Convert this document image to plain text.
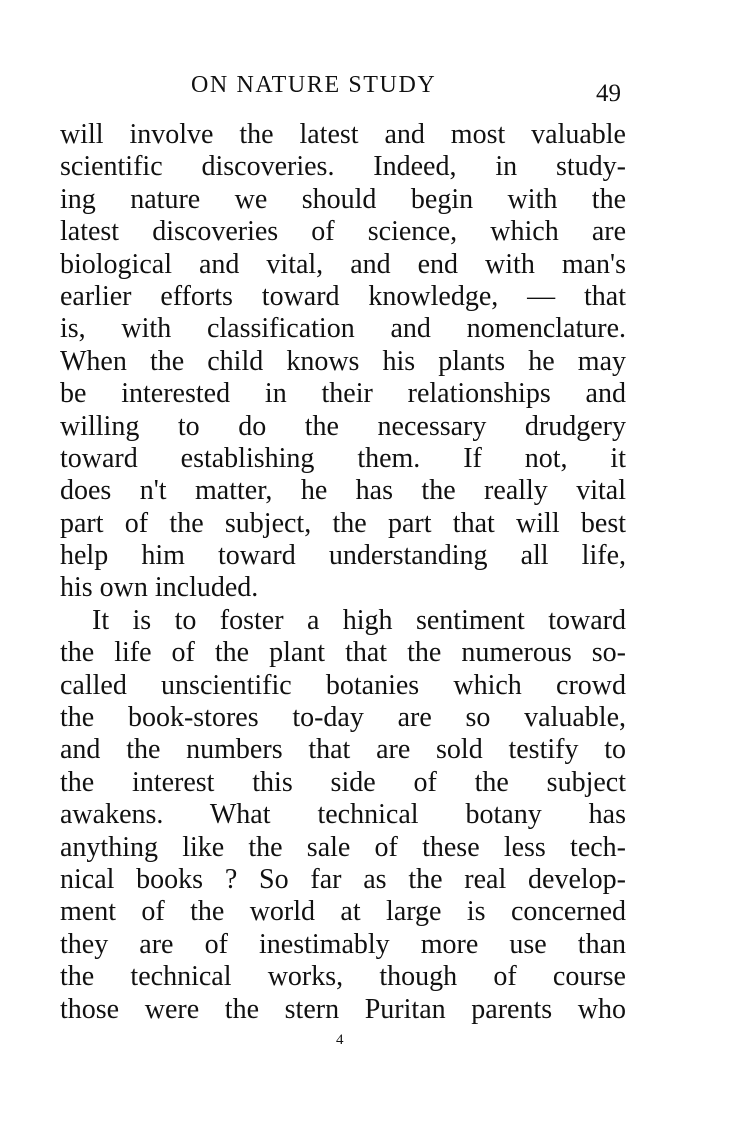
ON NATURE STUDY	49
will involve the latest and most valuable
scientific discoveries. Indeed, in study-
ing nature we should begin with the
latest discoveries of science, which are
biological and vital, and end with man's
earlier efforts toward knowledge, — that
is, with classification and nomenclature.
When the child knows his plants he may
be interested in their relationships and
willing to do the necessary drudgery
toward establishing them. If not, it
does n't matter, he has the really vital
part of the subject, the part that will best
help him toward understanding all life,
his own included.
It is to foster a high sentiment toward
the life of the plant that the numerous so-
called unscientific botanies which crowd
the book-stores to-day are so valuable,
and the numbers that are sold testify to
the interest this side of the subject
awakens. What technical botany has
anything like the sale of these less tech-
nical books ? So far as the real develop-
ment of the world at large is concerned
they are of inestimably more use than
the technical works, though of course
those were the stern Puritan parents who
4
